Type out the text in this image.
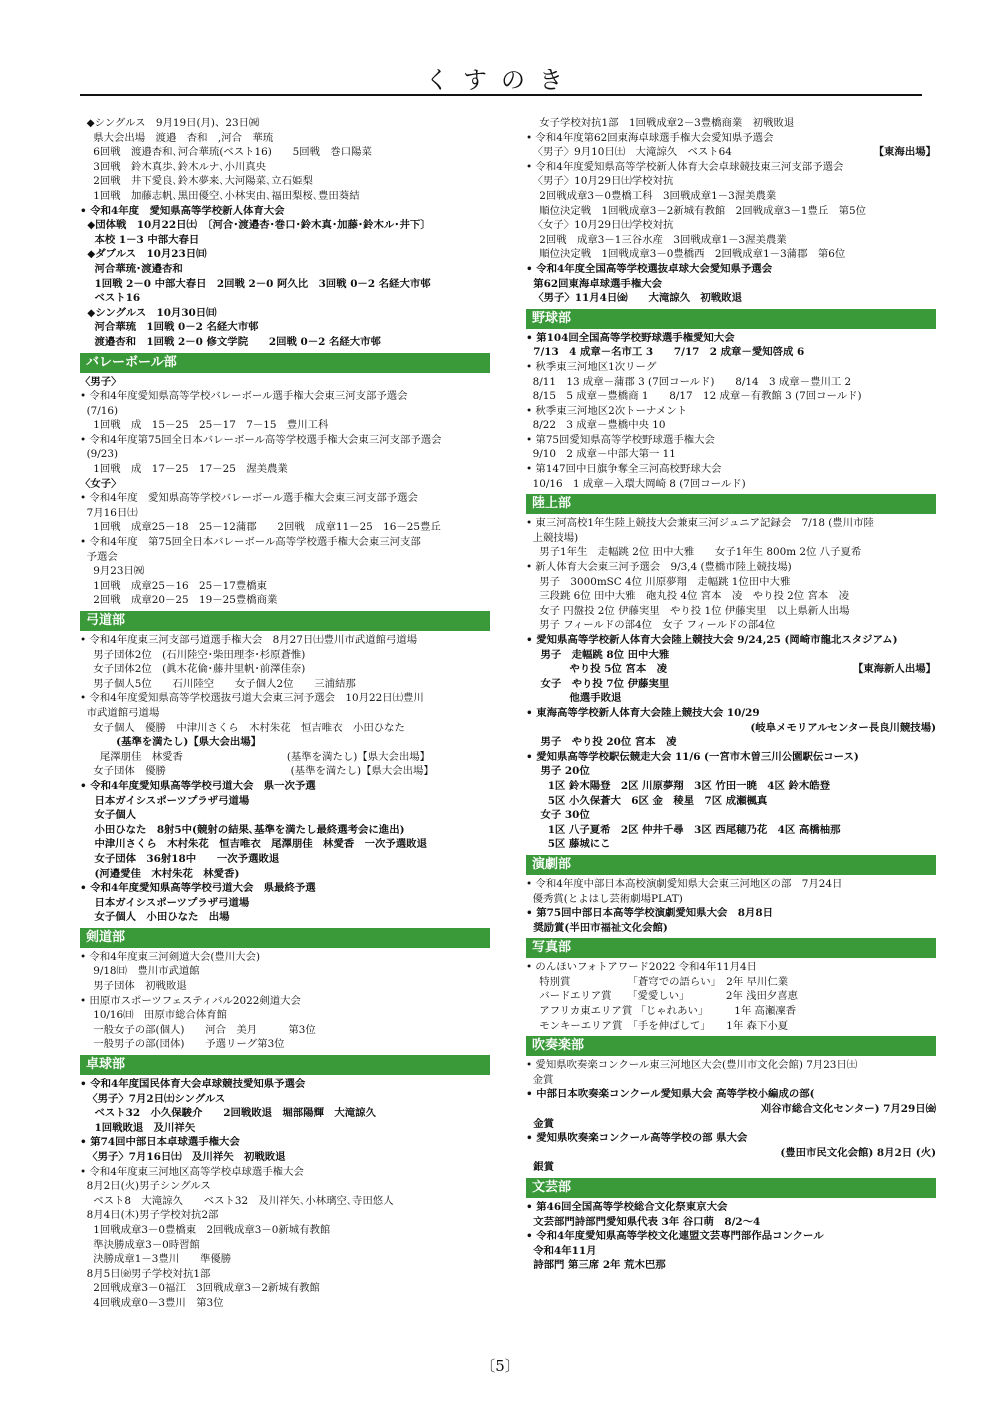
くすのき
◆シングルス　9月19日(月)、23日㈷
県大会出場　渡邉　杏和　,河合　華琉
6回戦　渡邉杏和､河合華琉(ベスト16)　　5回戦　巻口陽菜
3回戦　鈴木真歩､鈴木ルナ､小川真央
2回戦　井下愛良､鈴木夢来､大河陽菜､立石姫梨
1回戦　加藤志帆､黒田優空､小林実由､福田梨桜､豊田葵結
• 令和4年度　愛知県高等学校新人体育大会
◆団体戦　10月22日㈯　〔河合･渡邉杏･巻口･鈴木真･加藤･鈴木ル･井下〕
本校 1－3 中部大春日
◆ダブルス　10月23日㈰
河合華琉･渡邉杏和
1回戦 2－0 中部大春日　2回戦 2－0 阿久比　3回戦 0－2 名経大市邨
ベスト16
◆シングルス　10月30日㈰
河合華琉　1回戦 0－2 名経大市邨
渡邉杏和　1回戦 2－0 修文学院　　2回戦 0－2 名経大市邨
バレーボール部
〈男子〉
• 令和4年度愛知県高等学校バレーボール選手権大会東三河支部予選会
(7/16)
1回戦　成　15－25　25－17　7－15　豊川工科
• 令和4年度第75回全日本バレーボール高等学校選手権大会東三河支部予選会
(9/23)
1回戦　成　17－25　17－25　渥美農業
〈女子〉
• 令和4年度　愛知県高等学校バレーボール選手権大会東三河支部予選会
7月16日㈯
1回戦　成章25－18　25－12蒲郡　　2回戦　成章11－25　16－25豊丘
• 令和4年度　第75回全日本バレーボール高等学校選手権大会東三河支部
予選会
9月23日㈷
1回戦　成章25－16　25－17豊橋東
2回戦　成章20－25　19－25豊橋商業
弓道部
• 令和4年度東三河支部弓道選手権大会　8月27日㈯豊川市武道館弓道場
男子団体2位　(石川陸空･柴田理李･杉原蒼惟)
女子団体2位　(眞木花倫･藤井里帆･前澤佳奈)
男子個人5位　　石川陸空　　女子個人2位　　三浦結那
• 令和4年度愛知県高等学校選抜弓道大会東三河予選会　10月22日㈯豊川
市武道館弓道場
女子個人　優勝　中津川さくら　木村朱花　恒吉唯衣　小田ひなた
(基準を満たし)【県大会出場】
尾澤朋佳　林愛香　　　　　　　　　　(基準を満たし)【県大会出場】
女子団体　優勝　　　　　　　　　　　　(基準を満たし)【県大会出場】
• 令和4年度愛知県高等学校弓道大会　県一次予選
日本ガイシスポーツプラザ弓道場
女子個人
小田ひなた　8射5中(競射の結果､基準を満たし最終選考会に進出)
中津川さくら　木村朱花　恒吉唯衣　尾澤朋佳　林愛香　一次予選敗退
女子団体　36射18中　　一次予選敗退
(河邉愛佳　木村朱花　林愛香)
• 令和4年度愛知県高等学校弓道大会　県最終予選
日本ガイシスポーツプラザ弓道場
女子個人　小田ひなた　出場
剣道部
• 令和4年度東三河剣道大会(豊川大会)
9/18㈰　豊川市武道館
男子団体　初戦敗退
• 田原市スポーツフェスティバル2022剣道大会
10/16㈰　田原市総合体育館
一般女子の部(個人)　　河合　美月　　　第3位
一般男子の部(団体)　　予選リーグ第3位
卓球部
• 令和4年度国民体育大会卓球競技愛知県予選会
〈男子〉7月2日㈯シングルス
ベスト32　小久保駿介　　2回戦敗退　堀部陽輝　大滝諒久
1回戦敗退　及川祥矢
• 第74回中部日本卓球選手権大会
〈男子〉7月16日㈯　及川祥矢　初戦敗退
• 令和4年度東三河地区高等学校卓球選手権大会
8月2日(火)男子シングルス
ベスト8　大滝諒久　　ベスト32　及川祥矢､小林璃空､寺田悠人
8月4日(木)男子学校対抗2部
1回戦成章3－0豊橋東　2回戦成章3－0新城有教館
準決勝成章3－0時習館
決勝成章1－3豊川　　準優勝
8月5日㈮男子学校対抗1部
2回戦成章3－0福江　3回戦成章3－2新城有教館
4回戦成章0－3豊川　第3位
女子学校対抗1部　1回戦成章2－3豊橋商業　初戦敗退
• 令和4年度第62回東海卓球選手権大会愛知県予選会
〈男子〉9月10日㈯　大滝諒久　ベスト64	【東海出場】
• 令和4年度愛知県高等学校新人体育大会卓球競技東三河支部予選会
〈男子〉10月29日㈯学校対抗
2回戦成章3－0豊橋工科　3回戦成章1－3渥美農業
順位決定戦　1回戦成章3－2新城有教館　2回戦成章3－1豊丘　第5位
〈女子〉10月29日㈯学校対抗
2回戦　成章3－1三谷水産　3回戦成章1－3渥美農業
順位決定戦　1回戦成章3－0豊橋西　2回戦成章1－3蒲郡　第6位
• 令和4年度全国高等学校選抜卓球大会愛知県予選会
第62回東海卓球選手権大会
〈男子〉11月4日㈮　　大滝諒久　初戦敗退
野球部
• 第104回全国高等学校野球選手権愛知大会
7/13　4 成章－名市工 3　　7/17　2 成章－愛知啓成 6
• 秋季東三河地区1次リーグ
8/11　13 成章－蒲郡 3 (7回コールド)　　8/14　3 成章－豊川工 2
8/15　5 成章－豊橋商 1　　8/17　12 成章－有教館 3 (7回コールド)
• 秋季東三河地区2次トーナメント
8/22　3 成章－豊橋中央 10
• 第75回愛知県高等学校野球選手権大会
9/10　2 成章－中部大第一 11
• 第147回中日旗争奪全三河高校野球大会
10/16　1 成章－入環大岡崎 8 (7回コールド)
陸上部
• 東三河高校1年生陸上競技大会兼東三河ジュニア記録会　7/18 (豊川市陸
上競技場)
男子1年生　走幅跳 2位 田中大雅　　女子1年生 800m 2位 八子夏希
• 新人体育大会東三河予選会　9/3,4 (豊橋市陸上競技場)
男子　3000mSC 4位 川原夢翔　走幅跳 1位田中大雅
三段跳 6位 田中大雅　砲丸投 4位 宮本　凌　やり投 2位 宮本　凌
女子 円盤投 2位 伊藤実里　やり投 1位 伊藤実里　以上県新人出場
男子 フィールドの部4位　女子 フィールドの部4位
• 愛知県高等学校新人体育大会陸上競技大会 9/24,25 (岡崎市龍北スタジアム)
男子　走幅跳 8位 田中大雅
やり投 5位 宮本　凌	【東海新人出場】
女子　やり投 7位 伊藤実里
他選手敗退
• 東海高等学校新人体育大会陸上競技大会 10/29
(岐阜メモリアルセンター長良川競技場)
男子　やり投 20位 宮本　凌
• 愛知県高等学校駅伝競走大会 11/6 (一宮市木曽三川公園駅伝コース)
男子 20位
1区 鈴木陽登　2区 川原夢翔　3区 竹田一暁　4区 鈴木皓登
5区 小久保蒼大　6区 金　稜星　7区 成瀬楓真
女子 30位
1区 八子夏希　2区 仲井千尋　3区 西尾穂乃花　4区 高橋柚那
5区 藤城にこ
演劇部
• 令和4年度中部日本高校演劇愛知県大会東三河地区の部　7月24日
優秀賞(とよはし芸術劇場PLAT)
• 第75回中部日本高等学校演劇愛知県大会　8月8日
奨励賞(半田市福祉文化会館)
写真部
• のんほいフォトアワード2022 令和4年11月4日
特別賞　　　　　　「蒼穹での語らい」　2年 早川仁業
バードエリア賞　　「愛愛しい」　　　　2年 浅田夕喜恵
アフリカ東エリア賞 「じゃれあい」　　　1年 高瀬凜香
モンキーエリア賞　「手を伸ばして」　　1年 森下小夏
吹奏楽部
• 愛知県吹奏楽コンクール東三河地区大会(豊川市文化会館) 7月23日㈯
金賞
• 中部日本吹奏楽コンクール愛知県大会 高等学校小編成の部(
刈谷市総合文化センター) 7月29日㈮
金賞
• 愛知県吹奏楽コンクール高等学校の部 県大会
(豊田市民文化会館) 8月2日 (火)
銀賞
文芸部
• 第46回全国高等学校総合文化祭東京大会
文芸部門詩部門愛知県代表 3年 谷口萌　8/2～4
• 令和4年度愛知県高等学校文化連盟文芸専門部作品コンクール
令和4年11月
詩部門 第三席 2年 荒木巴那
〔5〕
